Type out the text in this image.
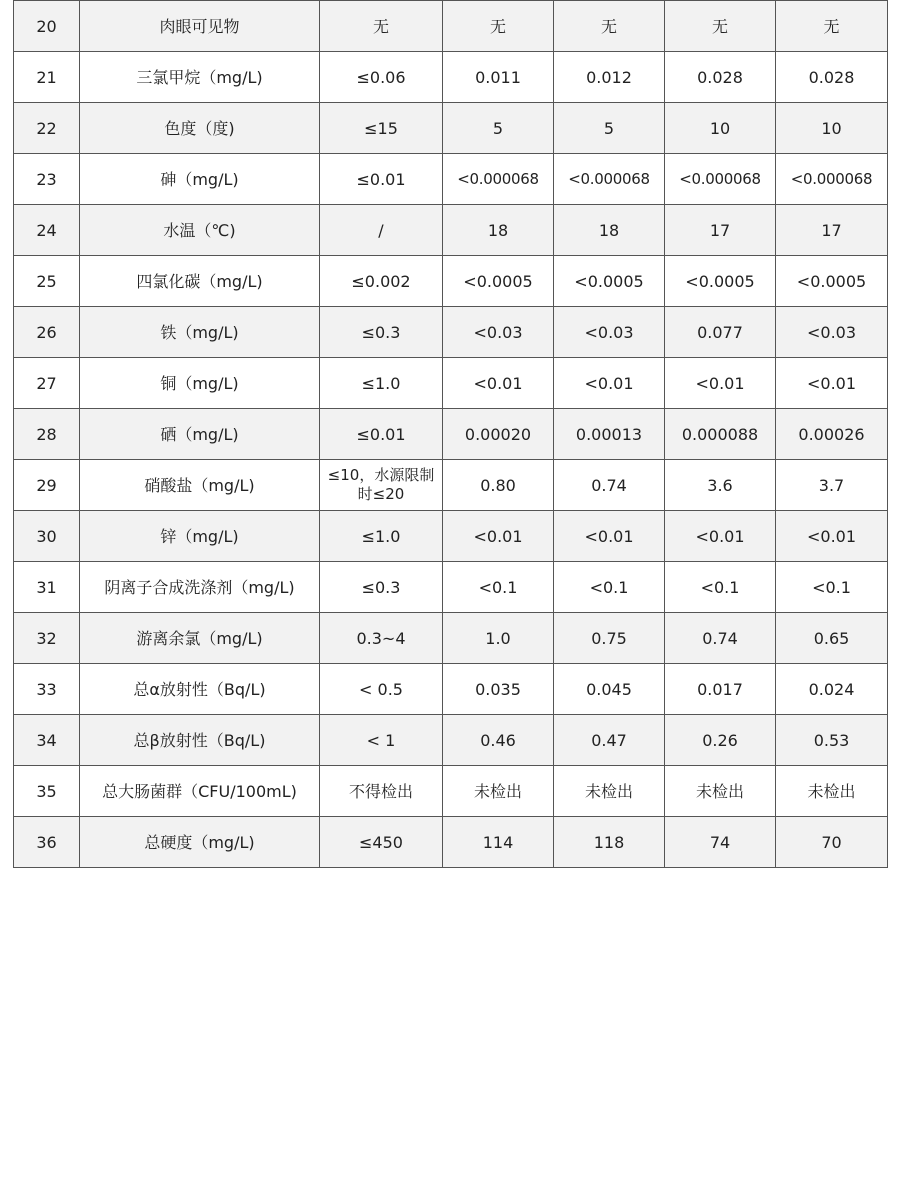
20	肉眼可见物	无	无	无	无	无
21	三氯甲烷（mg/L)	≤0.06	0.011	0.012	0.028	0.028
22	色度（度)	≤15	5	5	10	10
23	砷（mg/L)	≤0.01	<0.000068	<0.000068	<0.000068	<0.000068
24	水温（℃)	/	18	18	17	17
25	四氯化碳（mg/L)	≤0.002	<0.0005	<0.0005	<0.0005	<0.0005
26	铁（mg/L)	≤0.3	<0.03	<0.03	0.077	<0.03
27	铜（mg/L)	≤1.0	<0.01	<0.01	<0.01	<0.01
28	硒（mg/L)	≤0.01	0.00020	0.00013	0.000088	0.00026
29	硝酸盐（mg/L)	≤10，水源限制时≤20	0.80	0.74	3.6	3.7
30	锌（mg/L)	≤1.0	<0.01	<0.01	<0.01	<0.01
31	阴离子合成洗涤剂（mg/L)	≤0.3	<0.1	<0.1	<0.1	<0.1
32	游离余氯（mg/L)	0.3~4	1.0	0.75	0.74	0.65
33	总α放射性（Bq/L)	< 0.5	0.035	0.045	0.017	0.024
34	总β放射性（Bq/L)	< 1	0.46	0.47	0.26	0.53
35	总大肠菌群（CFU/100mL)	不得检出	未检出	未检出	未检出	未检出
36	总硬度（mg/L)	≤450	114	118	74	70
